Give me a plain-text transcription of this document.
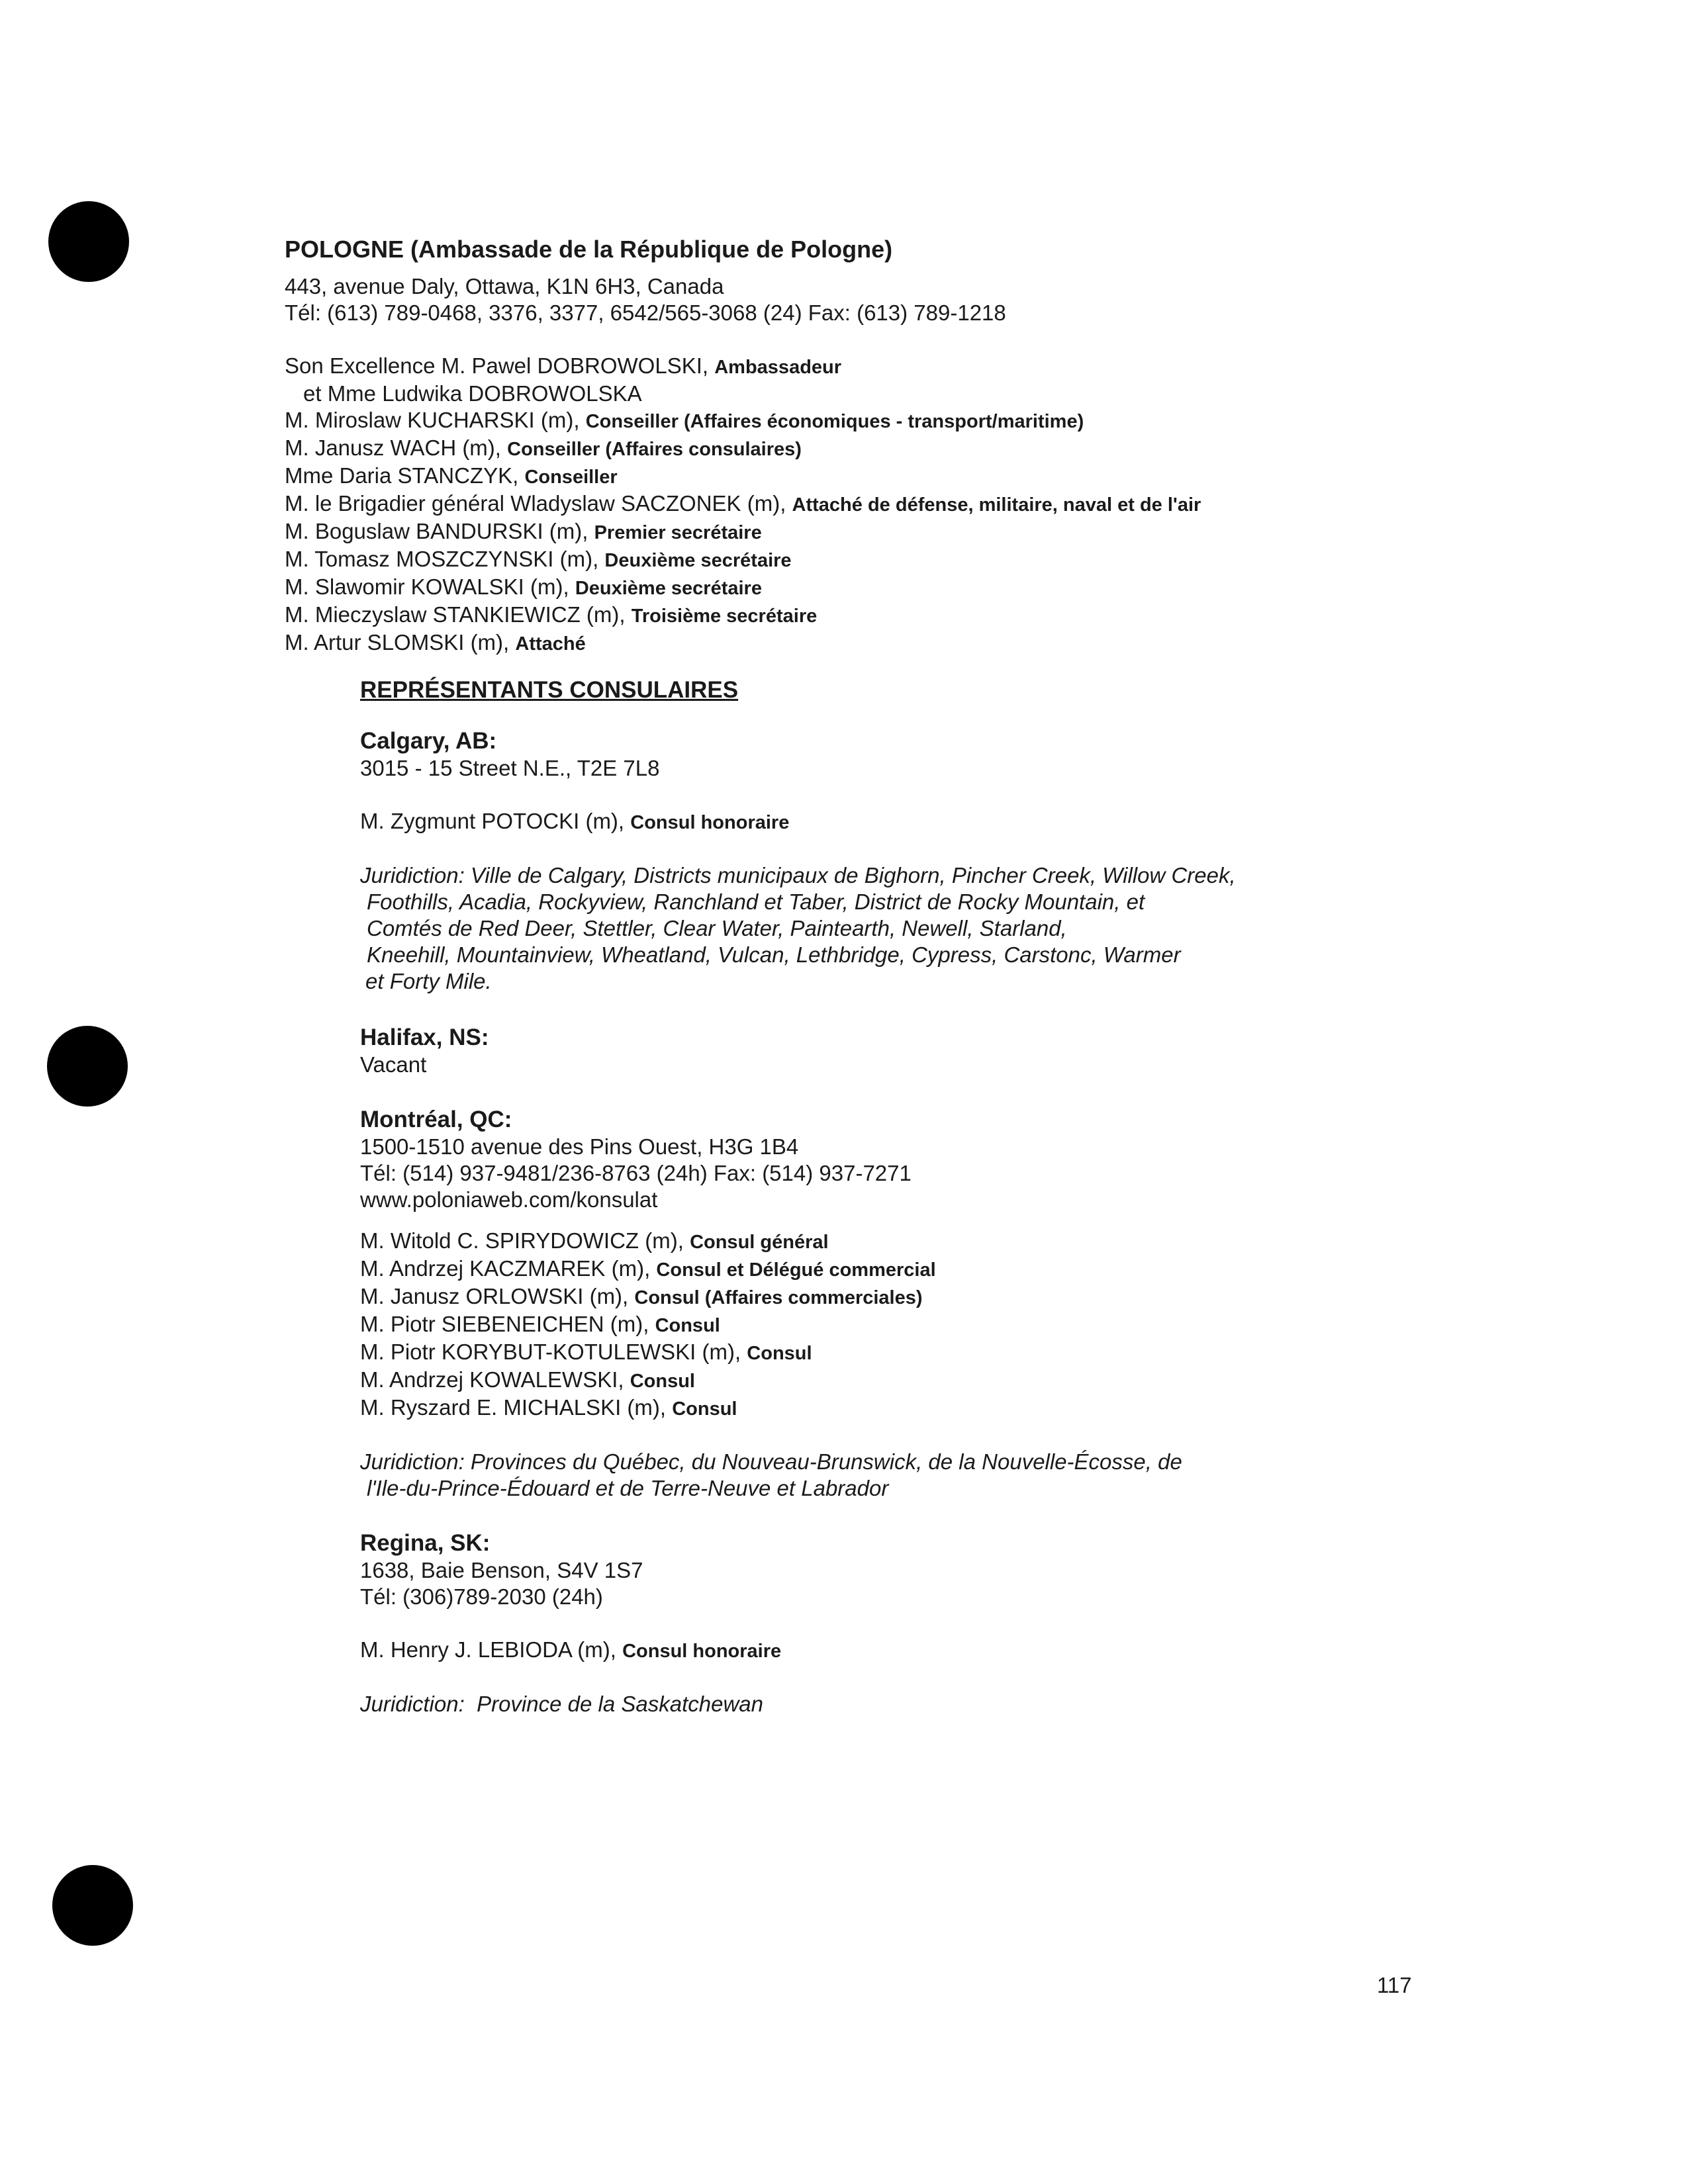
POLOGNE (Ambassade de la République de Pologne)
443, avenue Daly, Ottawa, K1N 6H3, Canada
Tél: (613) 789-0468, 3376, 3377, 6542/565-3068 (24) Fax: (613) 789-1218
Son Excellence M. Pawel DOBROWOLSKI, Ambassadeur
et Mme Ludwika DOBROWOLSKA
M. Miroslaw KUCHARSKI (m), Conseiller (Affaires économiques - transport/maritime)
M. Janusz WACH (m), Conseiller (Affaires consulaires)
Mme Daria STANCZYK, Conseiller
M. le Brigadier général Wladyslaw SACZONEK (m), Attaché de défense, militaire, naval et de l'air
M. Boguslaw BANDURSKI (m), Premier secrétaire
M. Tomasz MOSZCZYNSKI (m), Deuxième secrétaire
M. Slawomir KOWALSKI (m), Deuxième secrétaire
M. Mieczyslaw STANKIEWICZ (m), Troisième secrétaire
M. Artur SLOMSKI (m), Attaché
REPRÉSENTANTS CONSULAIRES
Calgary, AB:
3015 - 15 Street N.E., T2E 7L8
M. Zygmunt POTOCKI (m), Consul honoraire
Juridiction: Ville de Calgary, Districts municipaux de Bighorn, Pincher Creek, Willow Creek,
Foothills, Acadia, Rockyview, Ranchland et Taber, District de Rocky Mountain, et
Comtés de Red Deer, Stettler, Clear Water, Paintearth, Newell, Starland,
Kneehill, Mountainview, Wheatland, Vulcan, Lethbridge, Cypress, Carstonc, Warmer
et Forty Mile.
Halifax, NS:
Vacant
Montréal, QC:
1500-1510 avenue des Pins Ouest, H3G 1B4
Tél: (514) 937-9481/236-8763 (24h) Fax: (514) 937-7271
www.poloniaweb.com/konsulat
M. Witold C. SPIRYDOWICZ (m), Consul général
M. Andrzej KACZMAREK (m), Consul et Délégué commercial
M. Janusz ORLOWSKI (m), Consul (Affaires commerciales)
M. Piotr SIEBENEICHEN (m), Consul
M. Piotr KORYBUT-KOTULEWSKI (m), Consul
M. Andrzej KOWALEWSKI, Consul
M. Ryszard E. MICHALSKI (m), Consul
Juridiction: Provinces du Québec, du Nouveau-Brunswick, de la Nouvelle-Écosse, de
l'Ile-du-Prince-Édouard et de Terre-Neuve et Labrador
Regina, SK:
1638, Baie Benson, S4V 1S7
Tél: (306)789-2030 (24h)
M. Henry J. LEBIODA (m), Consul honoraire
Juridiction:  Province de la Saskatchewan
117
